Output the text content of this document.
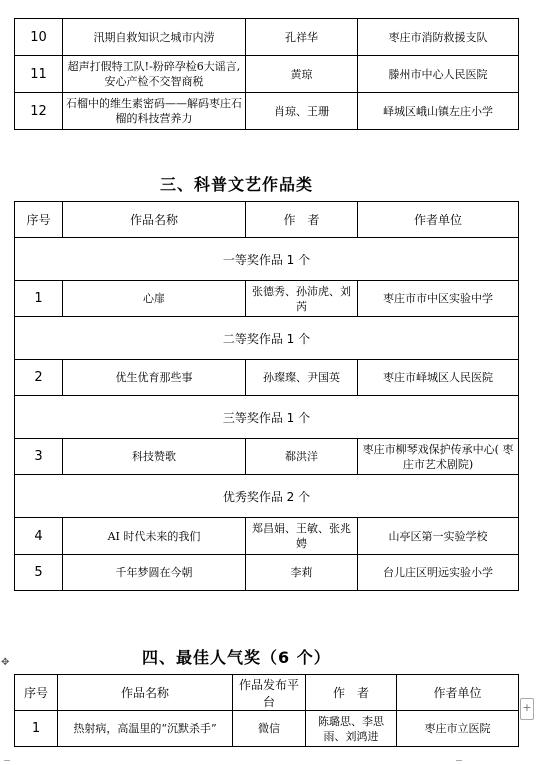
10	汛期自救知识之城市内涝	孔祥华	枣庄市消防救援支队
11	超声打假特工队!-粉碎孕检6大谣言,安心产检不交智商税	黄琼	滕州市中心人民医院
12	石榴中的维生素密码——解码枣庄石榴的科技营养力	肖琼、王珊	峄城区峨山镇左庄小学
三、科普文艺作品类
序号	作品名称	作　者	作者单位
一等奖作品 1 个			
1	心扉	张德秀、孙沛虎、刘芮	枣庄市市中区实验中学
二等奖作品 1 个			
2	优生优育那些事	孙璨璨、尹国英	枣庄市峄城区人民医院
三等奖作品 1 个			
3	科技赞歌	郗洪洋	枣庄市柳琴戏保护传承中心( 枣庄市艺术剧院)
优秀奖作品 2 个			
4	AI 时代未来的我们	郑昌娟、王敏、张兆娉	山亭区第一实验学校
5	千年梦圆在今朝	李莉	台儿庄区明远实验小学
✥	四、最佳人气奖（6 个）
序号	作品名称	作品发布平台	作　者	作者单位
1	热射病，高温里的“沉默杀手”	微信	陈璐思、李思雨、刘鸿进	枣庄市立医院
+
